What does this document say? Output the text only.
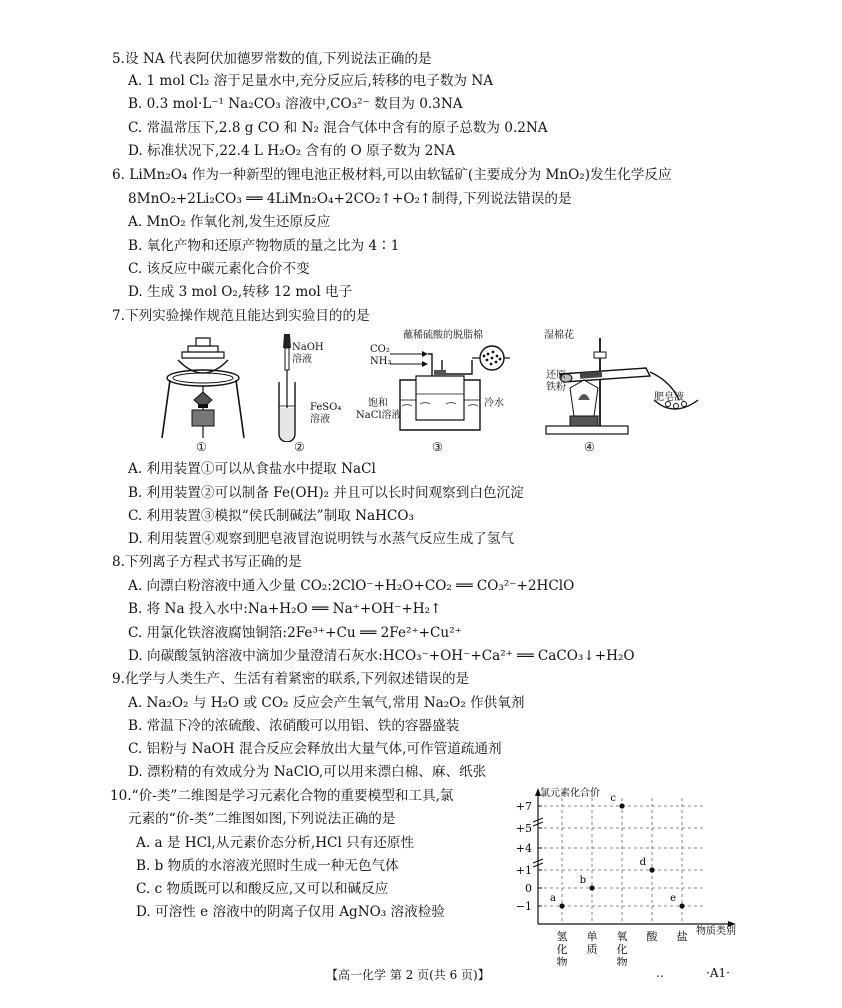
5.设 NA 代表阿伏加德罗常数的值,下列说法正确的是
A. 1 mol Cl₂ 溶于足量水中,充分反应后,转移的电子数为 NA
B. 0.3 mol·L⁻¹ Na₂CO₃ 溶液中,CO₃²⁻ 数目为 0.3NA
C. 常温常压下,2.8 g CO 和 N₂ 混合气体中含有的原子总数为 0.2NA
D. 标准状况下,22.4 L H₂O₂ 含有的 O 原子数为 2NA
6. LiMn₂O₄ 作为一种新型的锂电池正极材料,可以由软锰矿(主要成分为 MnO₂)发生化学反应
8MnO₂+2Li₂CO₃ ══ 4LiMn₂O₄+2CO₂↑+O₂↑制得,下列说法错误的是
A. MnO₂ 作氧化剂,发生还原反应
B. 氧化产物和还原产物物质的量之比为 4∶1
C. 该反应中碳元素化合价不变
D. 生成 3 mol O₂,转移 12 mol 电子
7.下列实验操作规范且能达到实验目的的是
①
NaOH
溶液
FeSO₄
溶液
②
蘸稀硫酸的脱脂棉
CO₂
NH₃
饱和
NaCl溶液
冷水
③
湿棉花
还原
铁粉
肥皂液
④
A. 利用装置①可以从食盐水中提取 NaCl
B. 利用装置②可以制备 Fe(OH)₂ 并且可以长时间观察到白色沉淀
C. 利用装置③模拟“侯氏制碱法”制取 NaHCO₃
D. 利用装置④观察到肥皂液冒泡说明铁与水蒸气反应生成了氢气
8.下列离子方程式书写正确的是
A. 向漂白粉溶液中通入少量 CO₂:2ClO⁻+H₂O+CO₂ ══ CO₃²⁻+2HClO
B. 将 Na 投入水中:Na+H₂O ══ Na⁺+OH⁻+H₂↑
C. 用氯化铁溶液腐蚀铜箔:2Fe³⁺+Cu ══ 2Fe²⁺+Cu²⁺
D. 向碳酸氢钠溶液中滴加少量澄清石灰水:HCO₃⁻+OH⁻+Ca²⁺ ══ CaCO₃↓+H₂O
9.化学与人类生产、生活有着紧密的联系,下列叙述错误的是
A. Na₂O₂ 与 H₂O 或 CO₂ 反应会产生氧气,常用 Na₂O₂ 作供氧剂
B. 常温下冷的浓硫酸、浓硝酸可以用铝、铁的容器盛装
C. 铝粉与 NaOH 混合反应会释放出大量气体,可作管道疏通剂
D. 漂粉精的有效成分为 NaClO,可以用来漂白棉、麻、纸张
10.“价-类”二维图是学习元素化合物的重要模型和工具,氯
元素的“价-类”二维图如图,下列说法正确的是
A. a 是 HCl,从元素价态分析,HCl 只有还原性
B. b 物质的水溶液光照时生成一种无色气体
C. c 物质既可以和酸反应,又可以和碱反应
D. 可溶性 e 溶液中的阴离子仅用 AgNO₃ 溶液检验
氯元素化合价
物质类别
+7
+5
+4
+1
0
−1
氢化物
单质
氧化物
酸 盐
a
b
c
d
e
【高一化学 第 2 页(共 6 页)】	..	·A1·
